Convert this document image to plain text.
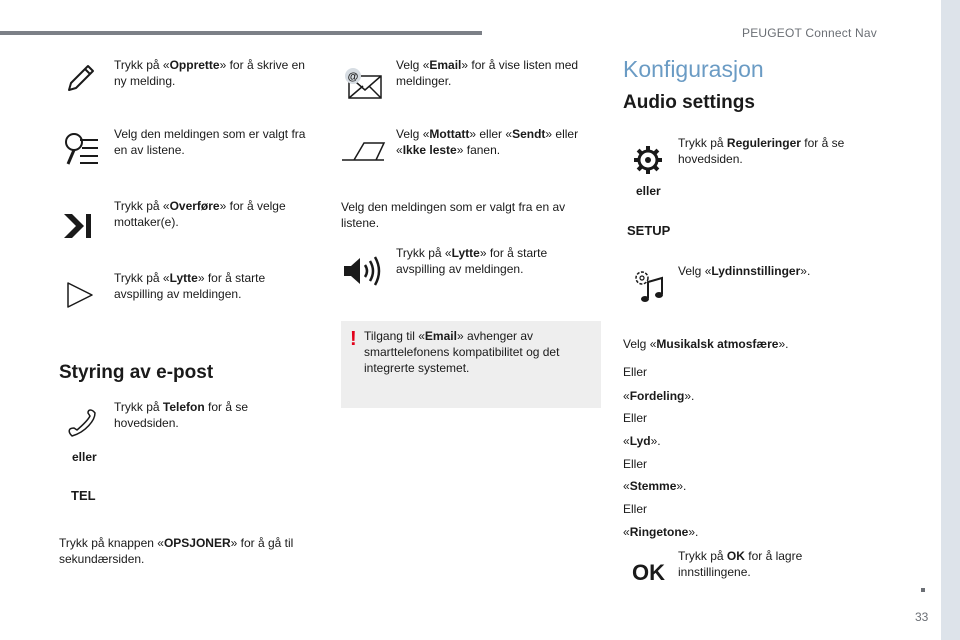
PEUGEOT Connect Nav
Trykk på «Opprette» for å skrive en ny melding.
Velg den meldingen som er valgt fra en av listene.
Trykk på «Overføre» for å velge mottaker(e).
Trykk på «Lytte» for å starte avspilling av meldingen.
Styring av e-post
Trykk på Telefon for å se hovedsiden.
eller
TEL
Trykk på knappen «OPSJONER» for å gå til sekundærsiden.
@
Velg «Email» for å vise listen med meldinger.
Velg «Mottatt» eller «Sendt» eller «Ikke leste» fanen.
Velg den meldingen som er valgt fra en av listene.
Trykk på «Lytte» for å starte avspilling av meldingen.
! Tilgang til «Email» avhenger av smarttelefonens kompatibilitet og det integrerte systemet.
Konfigurasjon
Audio settings
Trykk på Reguleringer for å se hovedsiden.
eller
SETUP
Velg «Lydinnstillinger».
Velg «Musikalsk atmosfære».
Eller
«Fordeling».
Eller
«Lyd».
Eller
«Stemme».
Eller
«Ringetone».
OK
Trykk på OK for å lagre innstillingene.
33
